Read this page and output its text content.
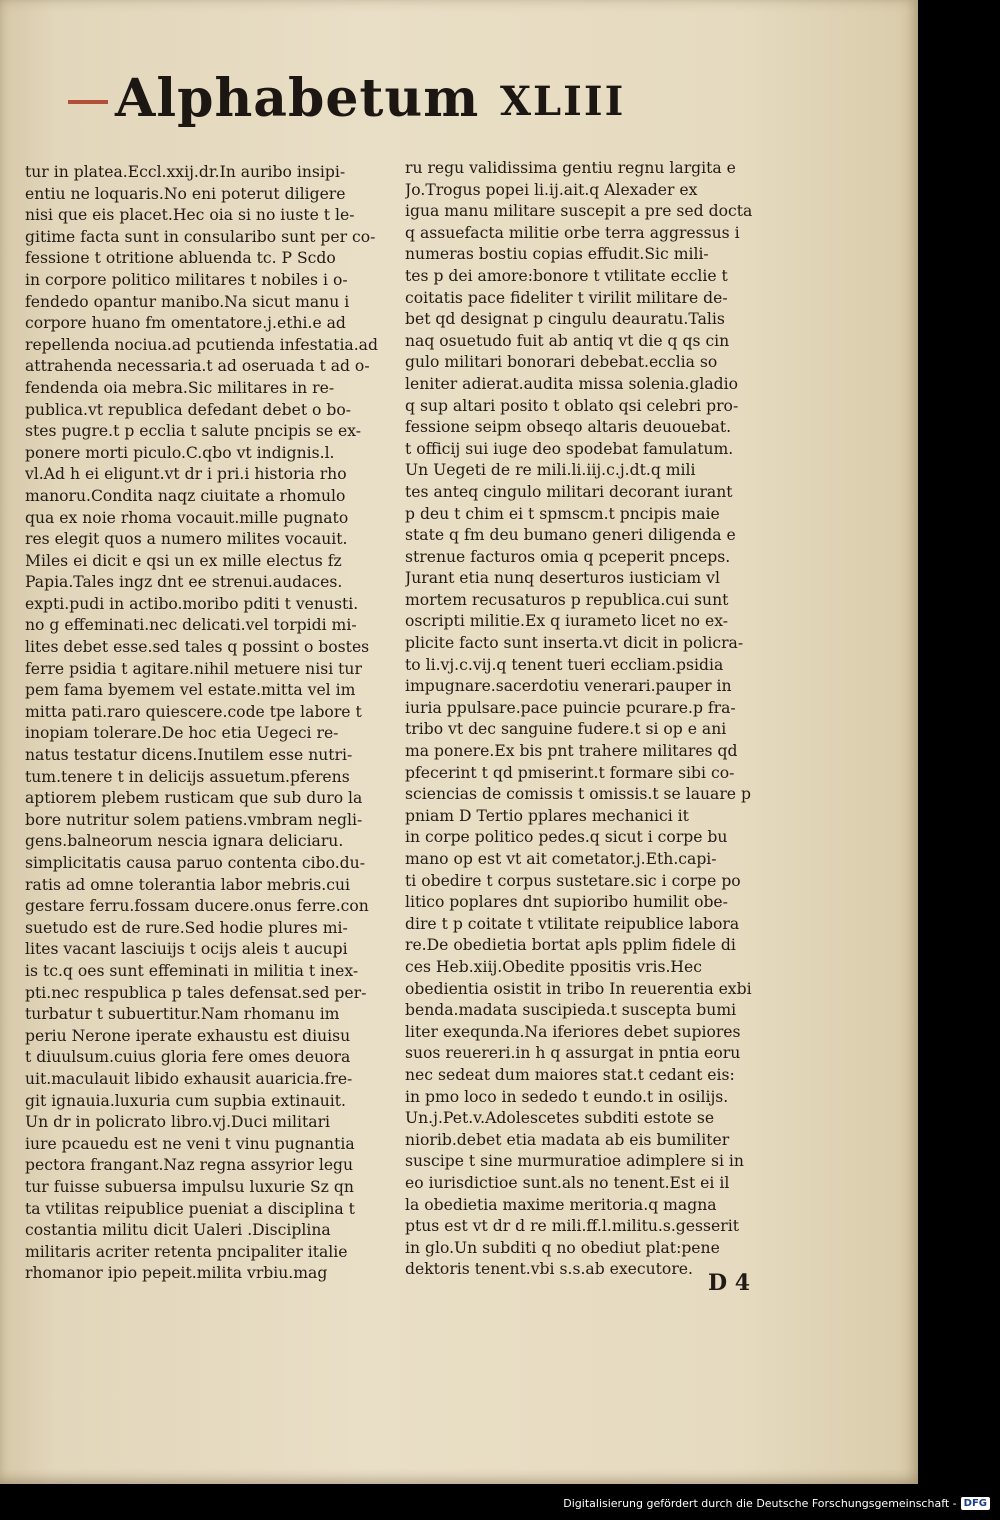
Alphabetum XLIII
tur in platea.Eccl.xxij.dr.In auribo insipi-
entiu ne loquaris.No eni poterut diligere
nisi que eis placet.Hec oia si no iuste t le-
gitime facta sunt in consularibo sunt per co-
fessione t otritione abluenda tc. P Scdo
in corpore politico militares t nobiles i o-
fendedo opantur manibo.Na sicut manu i
corpore huano fm omentatore.j.ethi.e ad
repellenda nociua.ad pcutienda infestatia.ad
attrahenda necessaria.t ad oseruada t ad o-
fendenda oia mebra.Sic militares in re-
publica.vt republica defedant debet o bo-
stes pugre.t p ecclia t salute pncipis se ex-
ponere morti piculo.C.qbo vt indignis.l.
vl.Ad h ei eligunt.vt dr i pri.i historia rho
manoru.Condita naqz ciuitate a rhomulo
qua ex noie rhoma vocauit.mille pugnato
res elegit quos a numero milites vocauit.
Miles ei dicit e qsi un ex mille electus fz
Papia.Tales ingz dnt ee strenui.audaces.
expti.pudi in actibo.moribo pditi t venusti.
no g effeminati.nec delicati.vel torpidi mi-
lites debet esse.sed tales q possint o bostes
ferre psidia t agitare.nihil metuere nisi tur
pem fama byemem vel estate.mitta vel im
mitta pati.raro quiescere.code tpe labore t
inopiam tolerare.De hoc etia Uegeci re-
natus testatur dicens.Inutilem esse nutri-
tum.tenere t in delicijs assuetum.pferens
aptiorem plebem rusticam que sub duro la
bore nutritur solem patiens.vmbram negli-
gens.balneorum nescia ignara deliciaru.
simplicitatis causa paruo contenta cibo.du-
ratis ad omne tolerantia labor mebris.cui
gestare ferru.fossam ducere.onus ferre.con
suetudo est de rure.Sed hodie plures mi-
lites vacant lasciuijs t ocijs aleis t aucupi
is tc.q oes sunt effeminati in militia t inex-
pti.nec respublica p tales defensat.sed per-
turbatur t subuertitur.Nam rhomanu im
periu Nerone iperate exhaustu est diuisu
t diuulsum.cuius gloria fere omes deuora
uit.maculauit libido exhausit auaricia.fre-
git ignauia.luxuria cum supbia extinauit.
Un dr in policrato libro.vj.Duci militari
iure pcauedu est ne veni t vinu pugnantia
pectora frangant.Naz regna assyrior legu
tur fuisse subuersa impulsu luxurie Sz qn
ta vtilitas reipublice pueniat a disciplina t
costantia militu dicit Ualeri .Disciplina
militaris acriter retenta pncipaliter italie
rhomanor ipio pepeit.milita vrbiu.mag
ru regu validissima gentiu regnu largita e
Jo.Trogus popei li.ij.ait.q Alexader ex
igua manu militare suscepit a pre sed docta
q assuefacta militie orbe terra aggressus i
numeras bostiu copias effudit.Sic mili-
tes p dei amore:bonore t vtilitate ecclie t
coitatis pace fideliter t virilit militare de-
bet qd designat p cingulu deauratu.Talis
naq osuetudo fuit ab antiq vt die q qs cin
gulo militari bonorari debebat.ecclia so
leniter adierat.audita missa solenia.gladio
q sup altari posito t oblato qsi celebri pro-
fessione seipm obseqo altaris deuouebat.
t officij sui iuge deo spodebat famulatum.
Un Uegeti de re mili.li.iij.c.j.dt.q mili
tes anteq cingulo militari decorant iurant
p deu t chim ei t spmscm.t pncipis maie
state q fm deu bumano generi diligenda e
strenue facturos omia q pceperit pnceps.
Jurant etia nunq deserturos iusticiam vl
mortem recusaturos p republica.cui sunt
oscripti militie.Ex q iurameto licet no ex-
plicite facto sunt inserta.vt dicit in policra-
to li.vj.c.vij.q tenent tueri eccliam.psidia
impugnare.sacerdotiu venerari.pauper in
iuria ppulsare.pace puincie pcurare.p fra-
tribo vt dec sanguine fudere.t si op e ani
ma ponere.Ex bis pnt trahere militares qd
pfecerint t qd pmiserint.t formare sibi co-
sciencias de comissis t omissis.t se lauare p
pniam D Tertio pplares mechanici it
in corpe politico pedes.q sicut i corpe bu
mano op est vt ait cometator.j.Eth.capi-
ti obedire t corpus sustetare.sic i corpe po
litico poplares dnt supioribo humilit obe-
dire t p coitate t vtilitate reipublice labora
re.De obedietia bortat apls pplim fidele di
ces Heb.xiij.Obedite ppositis vris.Hec
obedientia osistit in tribo In reuerentia exbi
benda.madata suscipieda.t suscepta bumi
liter exequnda.Na iferiores debet supiores
suos reuereri.in h q assurgat in pntia eoru
nec sedeat dum maiores stat.t cedant eis:
in pmo loco in sededo t eundo.t in osilijs.
Un.j.Pet.v.Adolescetes subditi estote se
niorib.debet etia madata ab eis bumiliter
suscipe t sine murmuratioe adimplere si in
eo iurisdictioe sunt.als no tenent.Est ei il
la obedietia maxime meritoria.q magna
ptus est vt dr d re mili.ff.l.militu.s.gesserit
in glo.Un subditi q no obediut plat:pene
dektoris tenent.vbi s.s.ab executore.
D 4
Digitalisierung gefördert durch die Deutsche Forschungsgemeinschaft - DFG
